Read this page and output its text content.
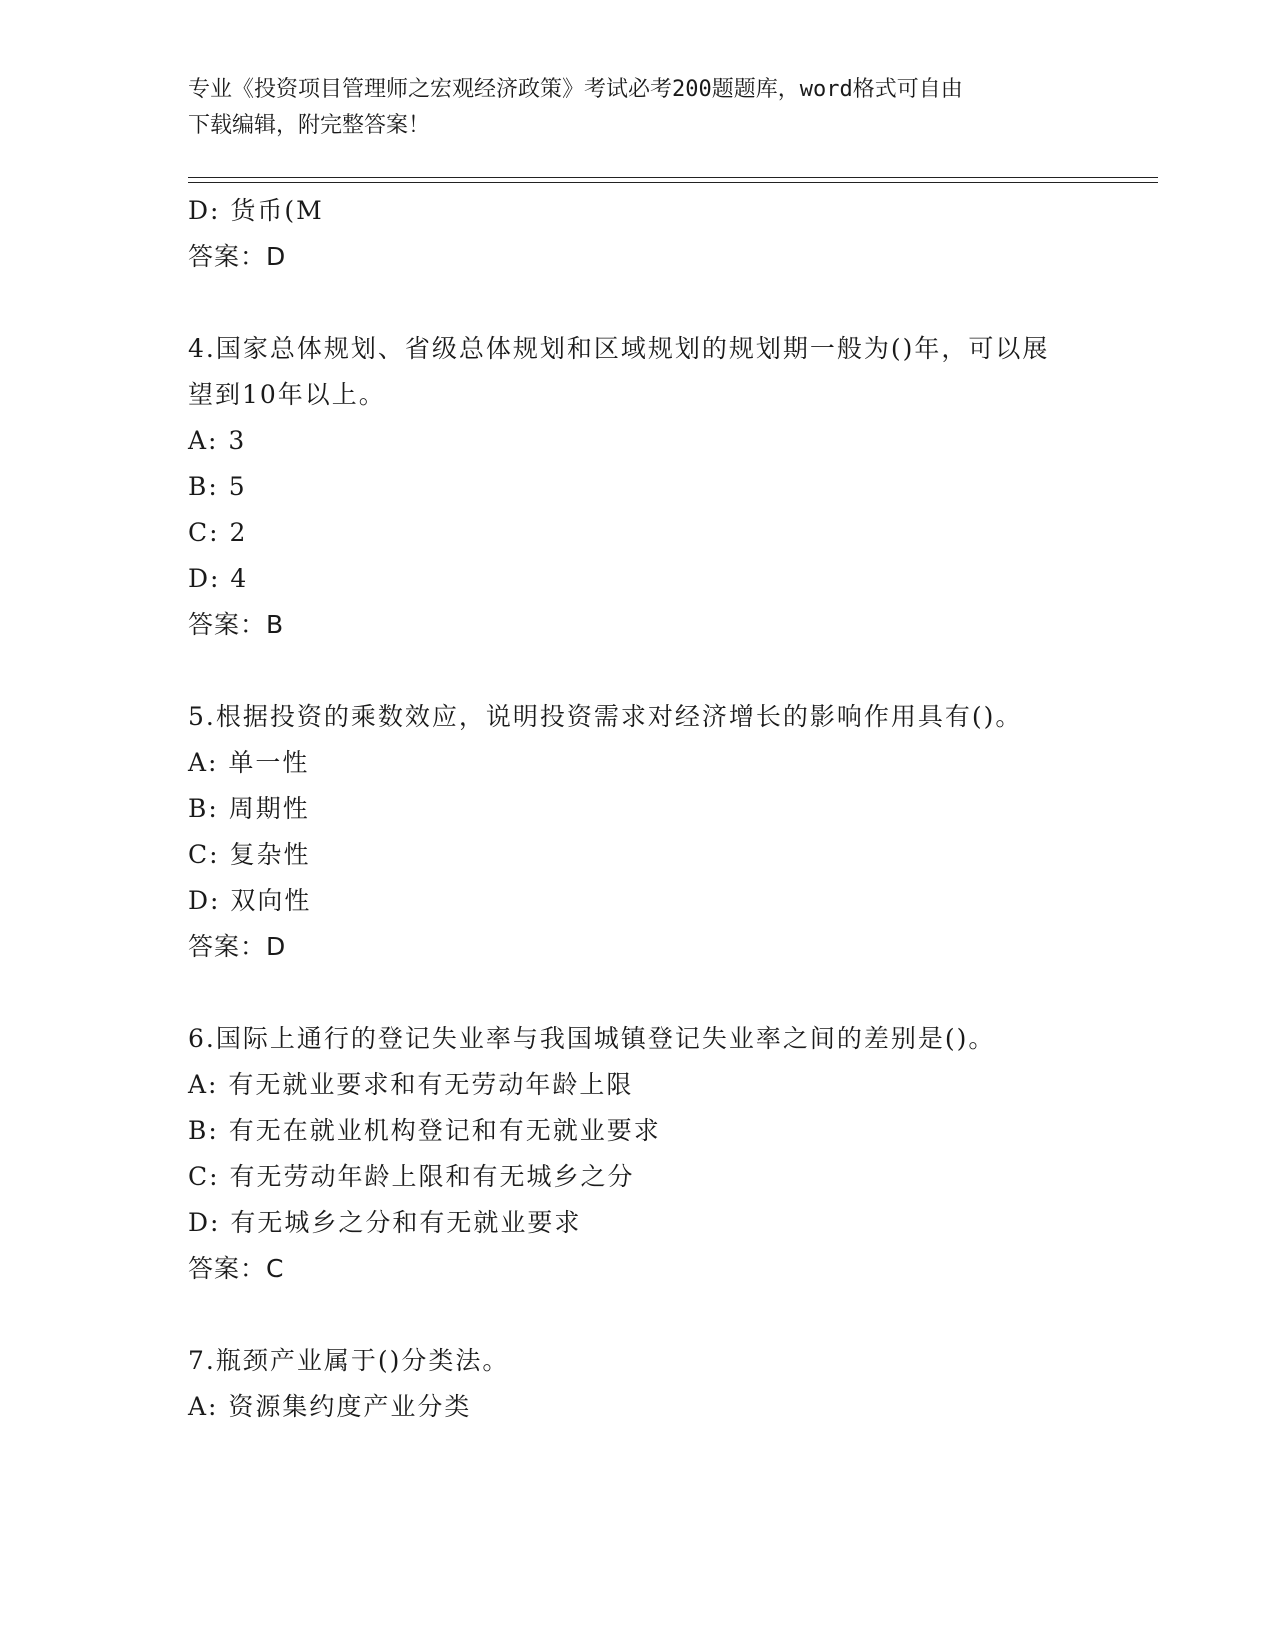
专业《投资项目管理师之宏观经济政策》考试必考200题题库，word格式可自由
下载编辑，附完整答案！
D: 货币(M
答案：D
4.国家总体规划、省级总体规划和区域规划的规划期一般为()年，可以展望到10年以上。
A: 3
B: 5
C: 2
D: 4
答案：B
5.根据投资的乘数效应，说明投资需求对经济增长的影响作用具有()。
A: 单一性
B: 周期性
C: 复杂性
D: 双向性
答案：D
6.国际上通行的登记失业率与我国城镇登记失业率之间的差别是()。
A: 有无就业要求和有无劳动年龄上限
B: 有无在就业机构登记和有无就业要求
C: 有无劳动年龄上限和有无城乡之分
D: 有无城乡之分和有无就业要求
答案：C
7.瓶颈产业属于()分类法。
A: 资源集约度产业分类
